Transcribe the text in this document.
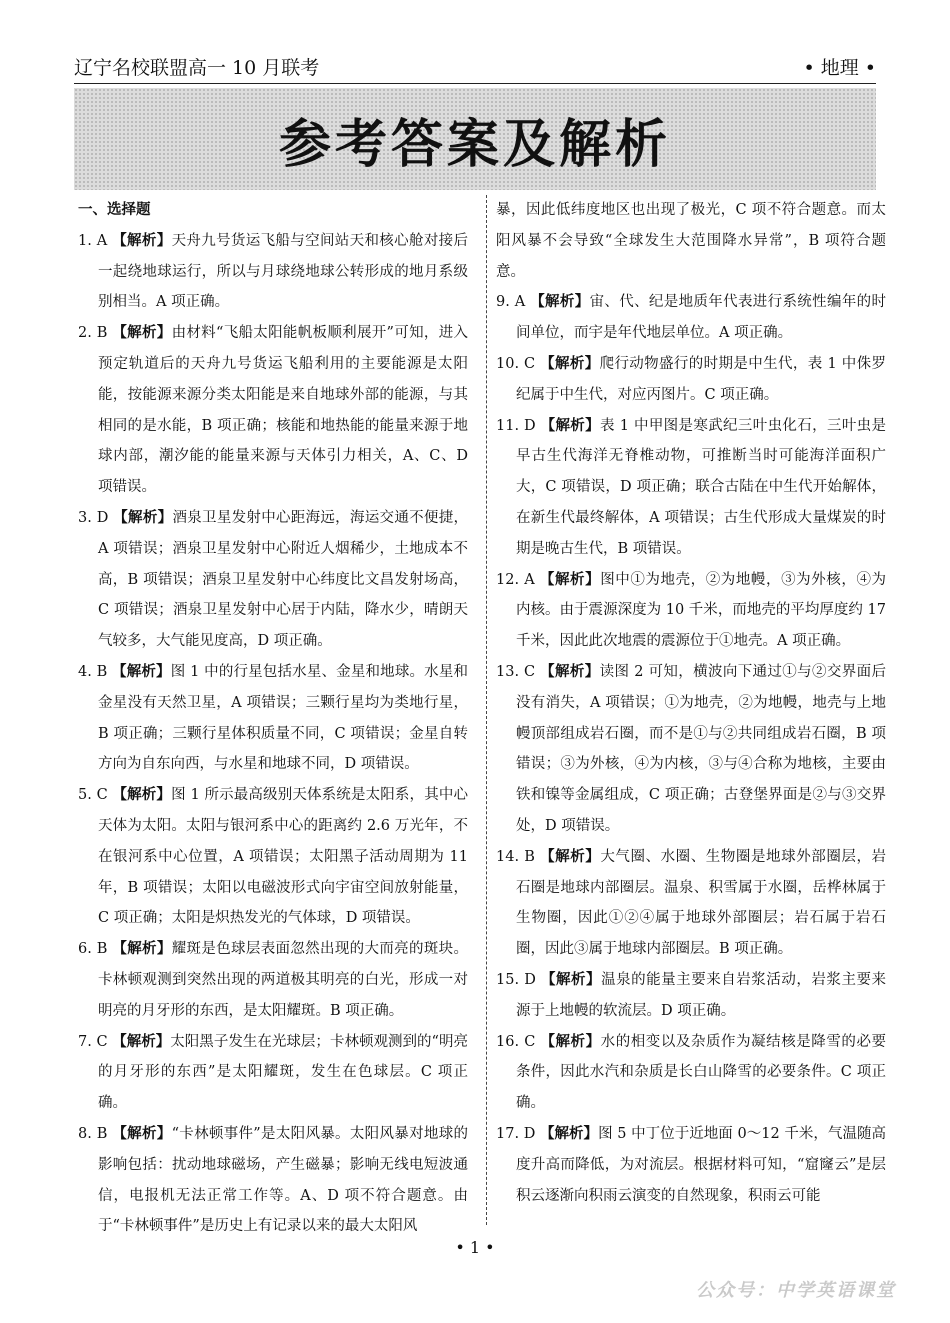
辽宁名校联盟高一 10 月联考	• 地理 •
参考答案及解析
一、选择题
1. A 【解析】天舟九号货运飞船与空间站天和核心舱对接后一起绕地球运行，所以与月球绕地球公转形成的地月系级别相当。A 项正确。
2. B 【解析】由材料“飞船太阳能帆板顺利展开”可知，进入预定轨道后的天舟九号货运飞船利用的主要能源是太阳能，按能源来源分类太阳能是来自地球外部的能源，与其相同的是水能，B 项正确；核能和地热能的能量来源于地球内部，潮汐能的能量来源与天体引力相关，A、C、D 项错误。
3. D 【解析】酒泉卫星发射中心距海远，海运交通不便捷，A 项错误；酒泉卫星发射中心附近人烟稀少，土地成本不高，B 项错误；酒泉卫星发射中心纬度比文昌发射场高，C 项错误；酒泉卫星发射中心居于内陆，降水少，晴朗天气较多，大气能见度高，D 项正确。
4. B 【解析】图 1 中的行星包括水星、金星和地球。水星和金星没有天然卫星，A 项错误；三颗行星均为类地行星，B 项正确；三颗行星体积质量不同，C 项错误；金星自转方向为自东向西，与水星和地球不同，D 项错误。
5. C 【解析】图 1 所示最高级别天体系统是太阳系，其中心天体为太阳。太阳与银河系中心的距离约 2.6 万光年，不在银河系中心位置，A 项错误；太阳黑子活动周期为 11 年，B 项错误；太阳以电磁波形式向宇宙空间放射能量，C 项正确；太阳是炽热发光的气体球，D 项错误。
6. B 【解析】耀斑是色球层表面忽然出现的大而亮的斑块。卡林顿观测到突然出现的两道极其明亮的白光，形成一对明亮的月牙形的东西，是太阳耀斑。B 项正确。
7. C 【解析】太阳黑子发生在光球层；卡林顿观测到的“明亮的月牙形的东西”是太阳耀斑，发生在色球层。C 项正确。
8. B 【解析】“卡林顿事件”是太阳风暴。太阳风暴对地球的影响包括：扰动地球磁场，产生磁暴；影响无线电短波通信，电报机无法正常工作等。A、D 项不符合题意。由于“卡林顿事件”是历史上有记录以来的最大太阳风
暴，因此低纬度地区也出现了极光，C 项不符合题意。而太阳风暴不会导致“全球发生大范围降水异常”，B 项符合题意。
9. A 【解析】宙、代、纪是地质年代表进行系统性编年的时间单位，而宇是年代地层单位。A 项正确。
10. C 【解析】爬行动物盛行的时期是中生代，表 1 中侏罗纪属于中生代，对应丙图片。C 项正确。
11. D 【解析】表 1 中甲图是寒武纪三叶虫化石，三叶虫是早古生代海洋无脊椎动物，可推断当时可能海洋面积广大，C 项错误，D 项正确；联合古陆在中生代开始解体，在新生代最终解体，A 项错误；古生代形成大量煤炭的时期是晚古生代，B 项错误。
12. A 【解析】图中①为地壳，②为地幔，③为外核，④为内核。由于震源深度为 10 千米，而地壳的平均厚度约 17 千米，因此此次地震的震源位于①地壳。A 项正确。
13. C 【解析】读图 2 可知，横波向下通过①与②交界面后没有消失，A 项错误；①为地壳，②为地幔，地壳与上地幔顶部组成岩石圈，而不是①与②共同组成岩石圈，B 项错误；③为外核，④为内核，③与④合称为地核，主要由铁和镍等金属组成，C 项正确；古登堡界面是②与③交界处，D 项错误。
14. B 【解析】大气圈、水圈、生物圈是地球外部圈层，岩石圈是地球内部圈层。温泉、积雪属于水圈，岳桦林属于生物圈，因此①②④属于地球外部圈层；岩石属于岩石圈，因此③属于地球内部圈层。B 项正确。
15. D 【解析】温泉的能量主要来自岩浆活动，岩浆主要来源于上地幔的软流层。D 项正确。
16. C 【解析】水的相变以及杂质作为凝结核是降雪的必要条件，因此水汽和杂质是长白山降雪的必要条件。C 项正确。
17. D 【解析】图 5 中丁位于近地面 0～12 千米，气温随高度升高而降低，为对流层。根据材料可知，“窟窿云”是层积云逐渐向积雨云演变的自然现象，积雨云可能
• 1 •
公众号：中学英语课堂
